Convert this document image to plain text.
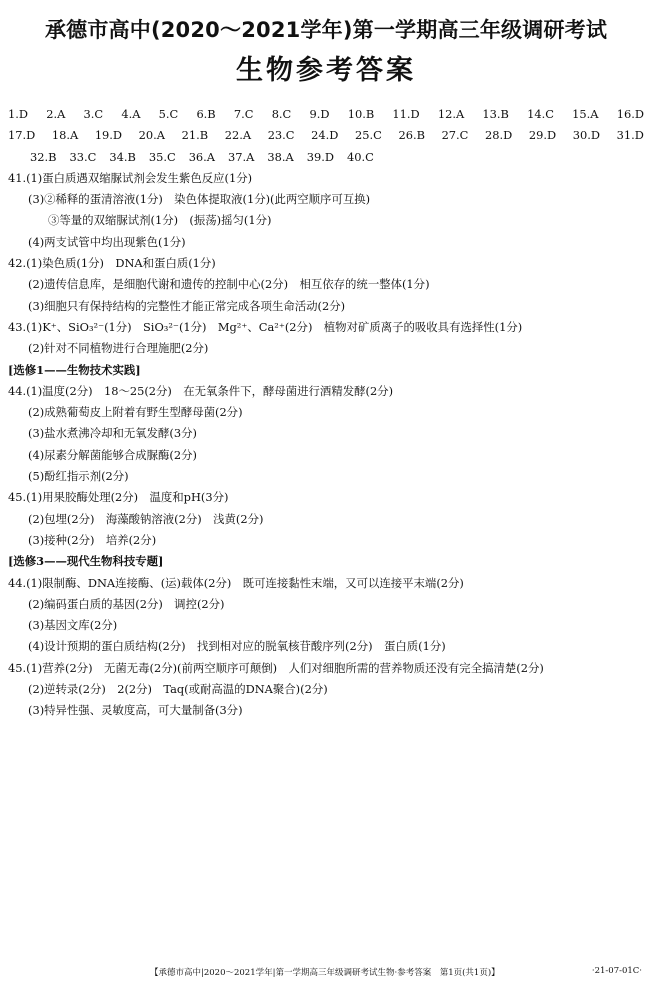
承德市高中(2020～2021学年)第一学期高三年级调研考试
生物参考答案
1.D 2.A 3.C 4.A 5.C 6.B 7.C 8.C 9.D 10.B 11.D 12.A 13.B 14.C 15.A 16.D
17.D 18.A 19.D 20.A 21.B 22.A 23.C 24.D 25.C 26.B 27.C 28.D 29.D 30.D 31.D
32.B 33.C 34.B 35.C 36.A 37.A 38.A 39.D 40.C
41.(1)蛋白质遇双缩脲试剂会发生紫色反应(1分)
(3)②稀释的蛋清溶液(1分)　染色体提取液(1分)(此两空顺序可互换)
③等量的双缩脲试剂(1分)　(振荡)摇匀(1分)
(4)两支试管中均出现紫色(1分)
42.(1)染色质(1分)　DNA和蛋白质(1分)
(2)遗传信息库，是细胞代谢和遗传的控制中心(2分)　相互依存的统一整体(1分)
(3)细胞只有保持结构的完整性才能正常完成各项生命活动(2分)
43.(1)K⁺、SiO₃²⁻(1分)　SiO₃²⁻(1分)　Mg²⁺、Ca²⁺(2分)　植物对矿质离子的吸收具有选择性(1分)
(2)针对不同植物进行合理施肥(2分)
[选修1——生物技术实践]
44.(1)温度(2分)　18～25(2分)　在无氧条件下，酵母菌进行酒精发酵(2分)
(2)成熟葡萄皮上附着有野生型酵母菌(2分)
(3)盐水煮沸冷却和无氧发酵(3分)
(4)尿素分解菌能够合成脲酶(2分)
(5)酚红指示剂(2分)
45.(1)用果胶酶处理(2分)　温度和pH(3分)
(2)包埋(2分)　海藻酸钠溶液(2分)　浅黄(2分)
(3)接种(2分)　培养(2分)
[选修3——现代生物科技专题]
44.(1)限制酶、DNA连接酶、(运)载体(2分)　既可连接黏性末端，又可以连接平末端(2分)
(2)编码蛋白质的基因(2分)　调控(2分)
(3)基因文库(2分)
(4)设计预期的蛋白质结构(2分)　找到相对应的脱氧核苷酸序列(2分)　蛋白质(1分)
45.(1)营养(2分)　无菌无毒(2分)(前两空顺序可颠倒)　人们对细胞所需的营养物质还没有完全搞清楚(2分)
(2)逆转录(2分)　2(2分)　Taq(或耐高温的DNA聚合)(2分)
(3)特异性强、灵敏度高，可大量制备(3分)
【承德市高中|2020～2021学年|第一学期高三年级调研考试生物·参考答案　第1页(共1页)】	·21-07-01C·
